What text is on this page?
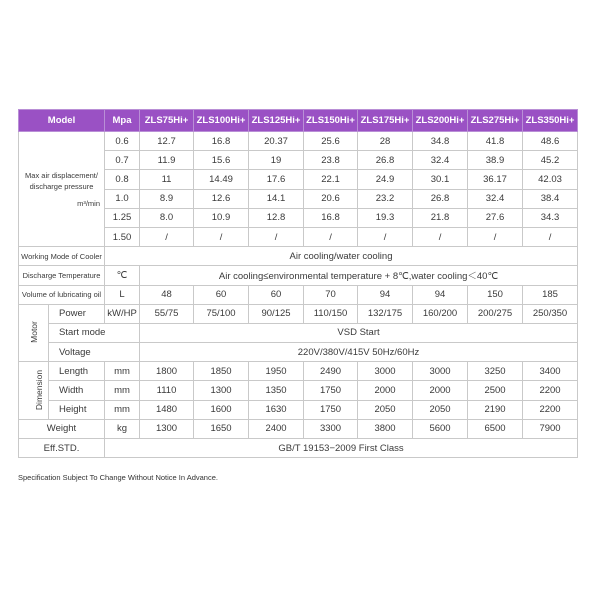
Model		Mpa	ZLS75Hi+	ZLS100Hi+	ZLS125Hi+	ZLS150Hi+	ZLS175Hi+	ZLS200Hi+	ZLS275Hi+	ZLS350Hi+

Max air displacement/
discharge pressure
m³/min		0.6	12.7	16.8	20.37	25.6	28	34.8	41.8	48.6
		0.7	11.9	15.6	19	23.8	26.8	32.4	38.9	45.2
		0.8	11	14.49	17.6	22.1	24.9	30.1	36.17	42.03
		1.0	8.9	12.6	14.1	20.6	23.2	26.8	32.4	38.4
		1.25	8.0	10.9	12.8	16.8	19.3	21.8	27.6	34.3
		1.50	/	/	/	/	/	/	/	/
Working Mode of Cooler		Air cooling/water cooling								
Discharge Temperature		℃	Air cooling≤environmental temperature + 8℃,water cooling＜40℃							
Volume of lubricating oil		L	48	60	60	70	94	94	150	185
Motor	Power	kW/HP	55/75	75/100	90/125	110/150	132/175	160/200	200/275	250/350
	Start mode		VSD Start							
	Voltage		220V/380V/415V 50Hz/60Hz							
Dimension	Length	mm	1800	1850	1950	2490	3000	3000	3250	3400
	Width	mm	1110	1300	1350	1750	2000	2000	2500	2200
	Height	mm	1480	1600	1630	1750	2050	2050	2190	2200
Weight		kg	1300	1650	2400	3300	3800	5600	6500	7900
Eff.STD.		GB/T 19153−2009 First Class								
Specification Subject To Change Without Notice In Advance.
